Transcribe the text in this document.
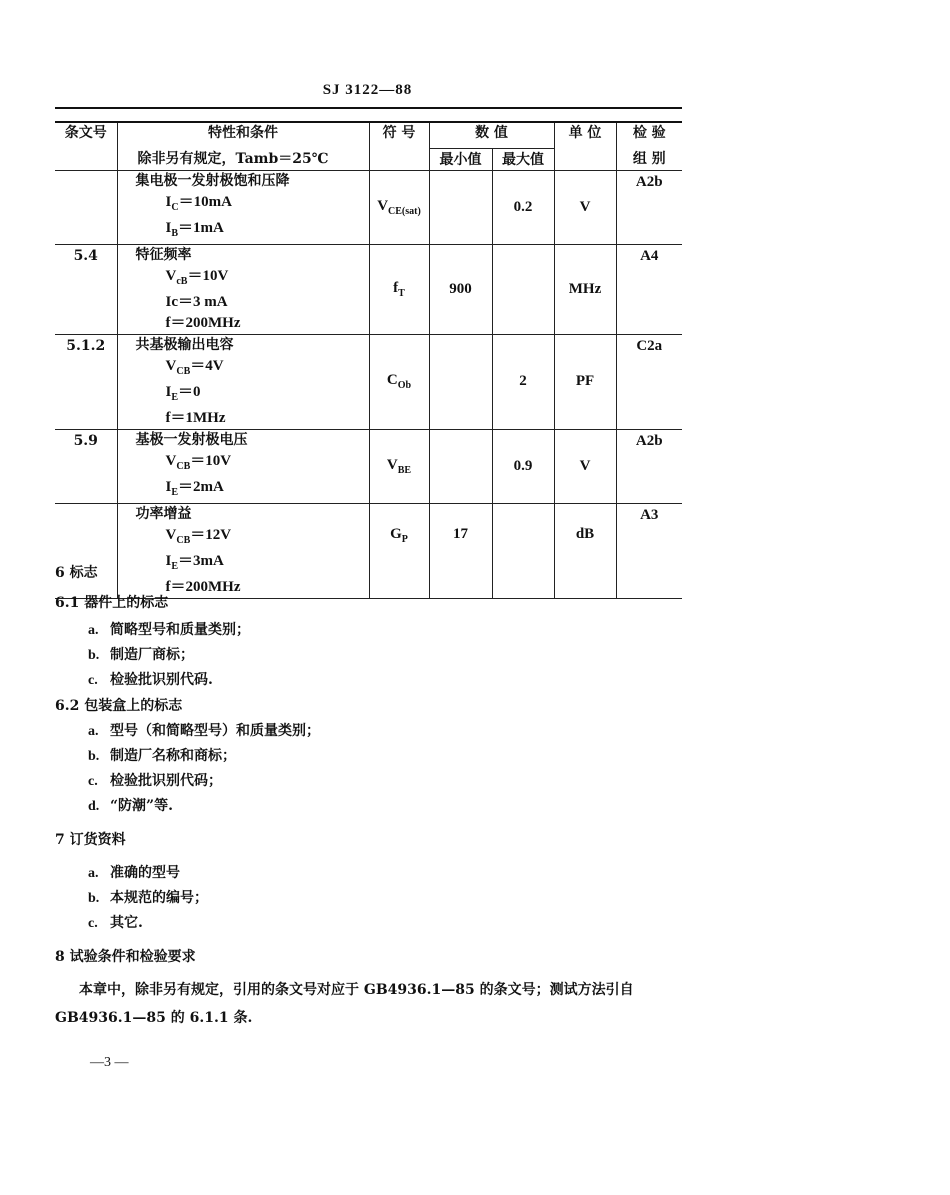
SJ 3122—88
条文号	特性和条件	符 号	数 值		单 位	检 验
	除非另有规定，Tamb＝25℃		最小值	最大值		组 别

	集电极一发射极饱和压降
$I_C=10mA$
$I_B=1mA$	$V_{CE(sat)}$		0.2	V	A2b
5.4	特征频率
$V_{cB}=10V$
Ic＝3 mA
f＝200MHz	$f_T$	900		MHz	A4
5.1.2	共基极输出电容
$V_{CB}=4V$
$I_E=0$
f＝1MHz	$C_{Ob}$		2	PF	C2a
5.9	基极一发射极电压
$V_{CB}=10V$
$I_E=2mA$	$V_{BE}$		0.9	V	A2b

	功率增益
$V_{CB}=12V$
$I_E=3mA$
f＝200MHz	$G_P$	17		dB	A3

6 标志

6.1 器件上的标志

a. 简略型号和质量类别；

b. 制造厂商标；

c. 检验批识别代码.

6.2 包装盒上的标志

a. 型号（和简略型号）和质量类别；

b. 制造厂名称和商标；

c. 检验批识别代码；

d. “防潮”等.

7 订货资料

a. 准确的型号

b. 本规范的编号；

c. 其它.

8 试验条件和检验要求

本章中，除非另有规定，引用的条文号对应于 GB4936.1—85 的条文号；测试方法引自 GB4936.1—85 的 6.1.1 条.

—3 —
